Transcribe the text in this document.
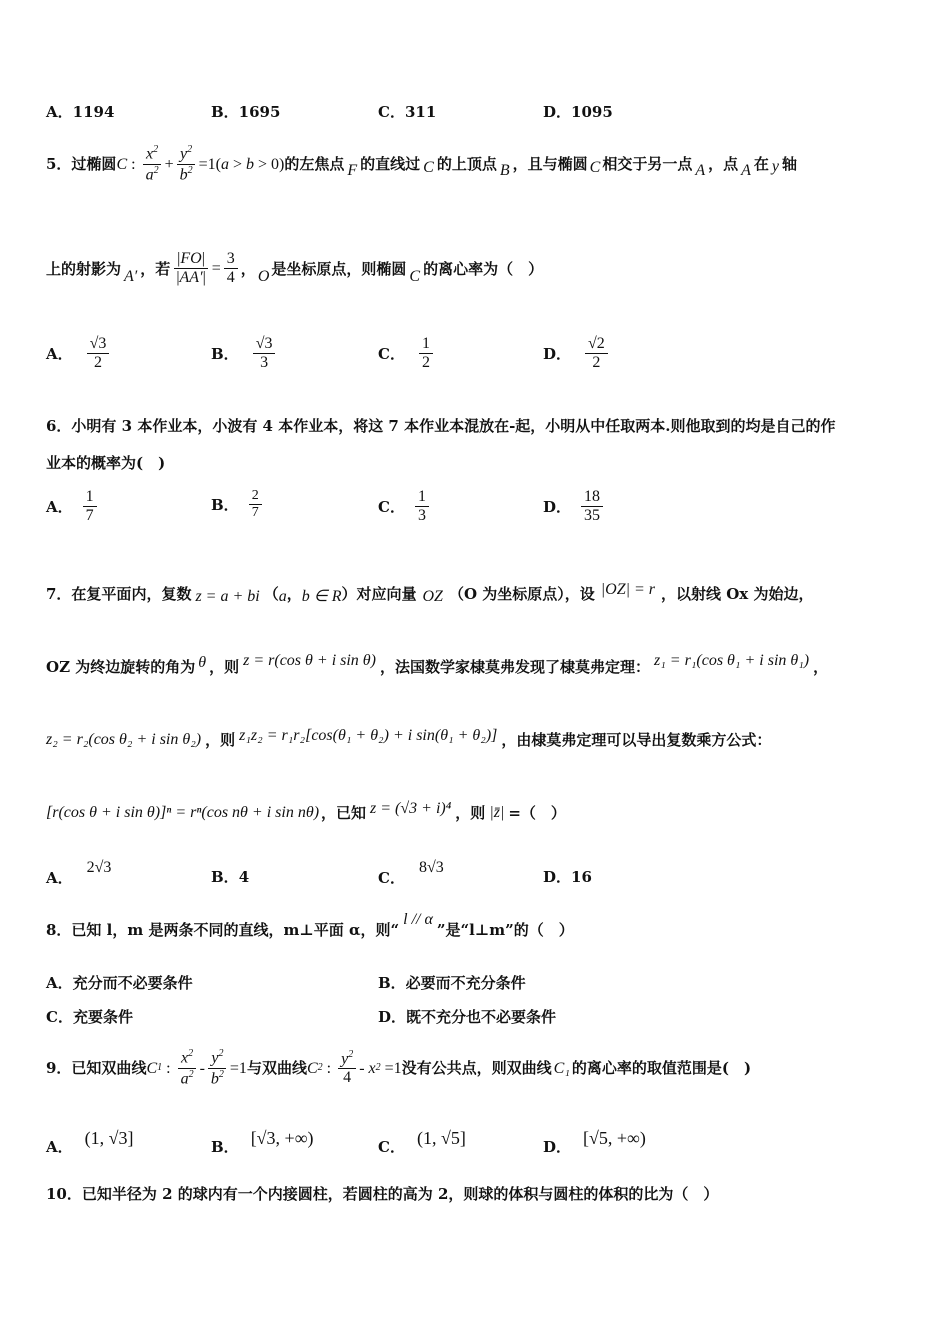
A．1194	B．1695	C．311	D．1095
5．过椭圆 C : $\frac{x^2}{a^2} + \frac{y^2}{b^2} =1$( a > b > 0) 的左焦点 F 的直线过 C 的上顶点 B ，且与椭圆 C 相交于另一点 A ，点 A 在 y 轴
上的射影为 A′ ，若 $\frac{|FO|}{|AA'|} = \frac{3}{4}$ ， O 是坐标原点，则椭圆 C 的离心率为（　）
A． $\frac{√3}{2}$	B． $\frac{√3}{3}$	C． $\frac{1}{2}$	D． $\frac{√2}{2}$
6．小明有 3 本作业本，小波有 4 本作业本，将这 7 本作业本混放在-起，小明从中任取两本.则他取到的均是自己的作
业本的概率为(　)
A． $\frac{1}{7}$	B． $\frac{2}{7}$	C． $\frac{1}{3}$	D． $\frac{18}{35}$
7．在复平面内，复数 z = a + bi （ a ， b ∈ R ）对应向量 OZ （O 为坐标原点），设 |OZ| = r ，以射线 Ox 为始边，
OZ 为终边旋转的角为 θ ，则 z = r(cos θ + i sin θ) ，法国数学家棣莫弗发现了棣莫弗定理： z₁ = r₁(cos θ₁ + i sin θ₁) ，
z₂ = r₂(cos θ₂ + i sin θ₂) ，则 z₁z₂ = r₁r₂[cos(θ₁ + θ₂) + i sin(θ₁ + θ₂)] ，由棣莫弗定理可以导出复数乘方公式：
[r(cos θ + i sin θ)]ⁿ = rⁿ(cos nθ + i sin nθ) ，已知 z = (√3 + i)⁴ ，则 |z̄| =（　）
A．
2√3
B．4	C．
8√3
D．16
8．已知 l，m 是两条不同的直线，m⊥平面 α，则“
l // α
”是“l⊥m”的（　）
A．充分而不必要条件	B．必要而不充分条件
C．充要条件	D．既不充分也不必要条件
9．已知双曲线 C 1 : $\frac{x^2}{a^2} - \frac{y^2}{b^2} =1$ 与双曲线 C 2 : $\frac{y^2}{4}$ - x 2 =1 没有公共点，则双曲线 C₁ 的离心率的取值范围是(　)
A． (1, √3]	B． [√3, +∞)	C． (1, √5]	D． [√5, +∞)
10．已知半径为 2 的球内有一个内接圆柱，若圆柱的高为 2，则球的体积与圆柱的体积的比为（　）
